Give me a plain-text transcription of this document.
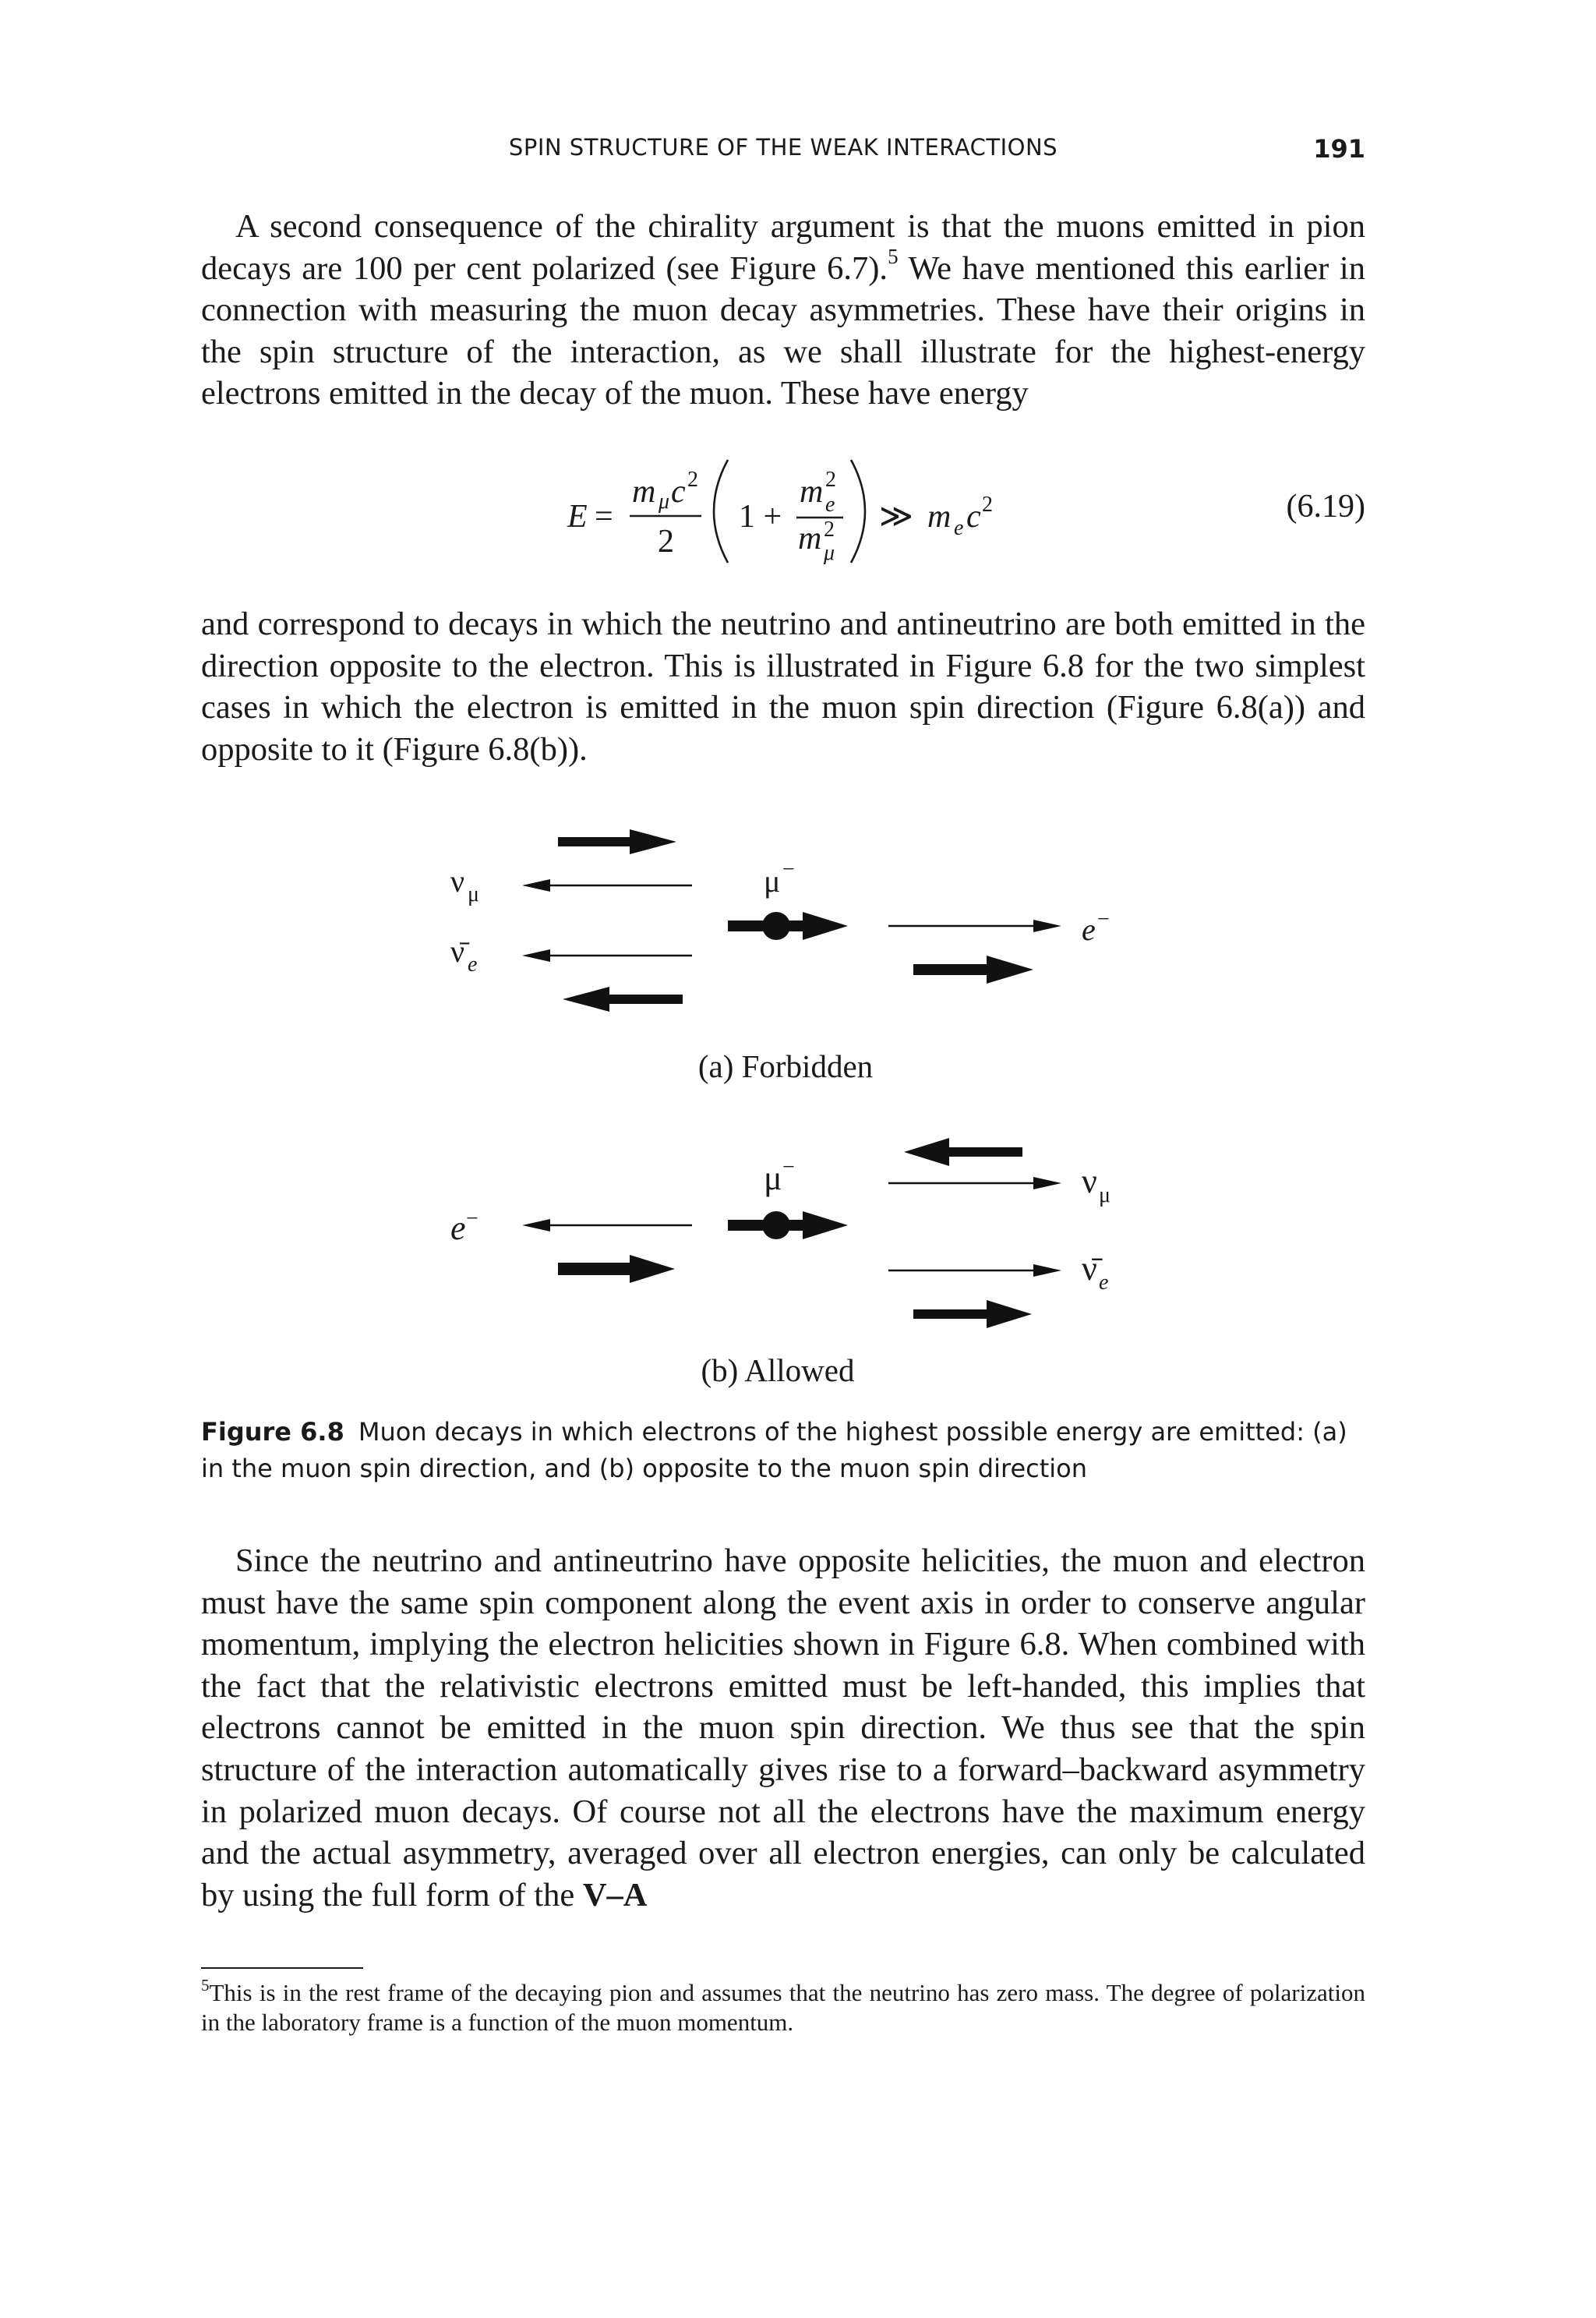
SPIN STRUCTURE OF THE WEAK INTERACTIONS	191

A second consequence of the chirality argument is that the muons emitted in pion decays are 100 per cent polarized (see Figure 6.7).$^5$ We have mentioned this earlier in connection with measuring the muon decay asymmetries. These have their origins in the spin structure of the interaction, as we shall illustrate for the highest-energy electrons emitted in the decay of the muon. These have energy

E =
m μ c 2
2
1 +
m 2
e
m 2
μ
≫ m e c 2	(6.19)

and correspond to decays in which the neutrino and antineutrino are both emitted in the direction opposite to the electron. This is illustrated in Figure 6.8 for the two simplest cases in which the electron is emitted in the muon spin direction (Figure 6.8(a)) and opposite to it (Figure 6.8(b)).

ν μ
ν̄ e
μ −
e −
μ −	ν μ
e −
ν̄ e
(a) Forbidden
(b) Allowed
Figure 6.8 Muon decays in which electrons of the highest possible energy are emitted: (a) in the muon spin direction, and (b) opposite to the muon spin direction

Since the neutrino and antineutrino have opposite helicities, the muon and electron must have the same spin component along the event axis in order to conserve angular momentum, implying the electron helicities shown in Figure 6.8. When combined with the fact that the relativistic electrons emitted must be left-handed, this implies that electrons cannot be emitted in the muon spin direction. We thus see that the spin structure of the interaction automatically gives rise to a forward–backward asymmetry in polarized muon decays. Of course not all the electrons have the maximum energy and the actual asymmetry, averaged over all electron energies, can only be calculated by using the full form of the V–A

$^5$This is in the rest frame of the decaying pion and assumes that the neutrino has zero mass. The degree of polarization in the laboratory frame is a function of the muon momentum.
